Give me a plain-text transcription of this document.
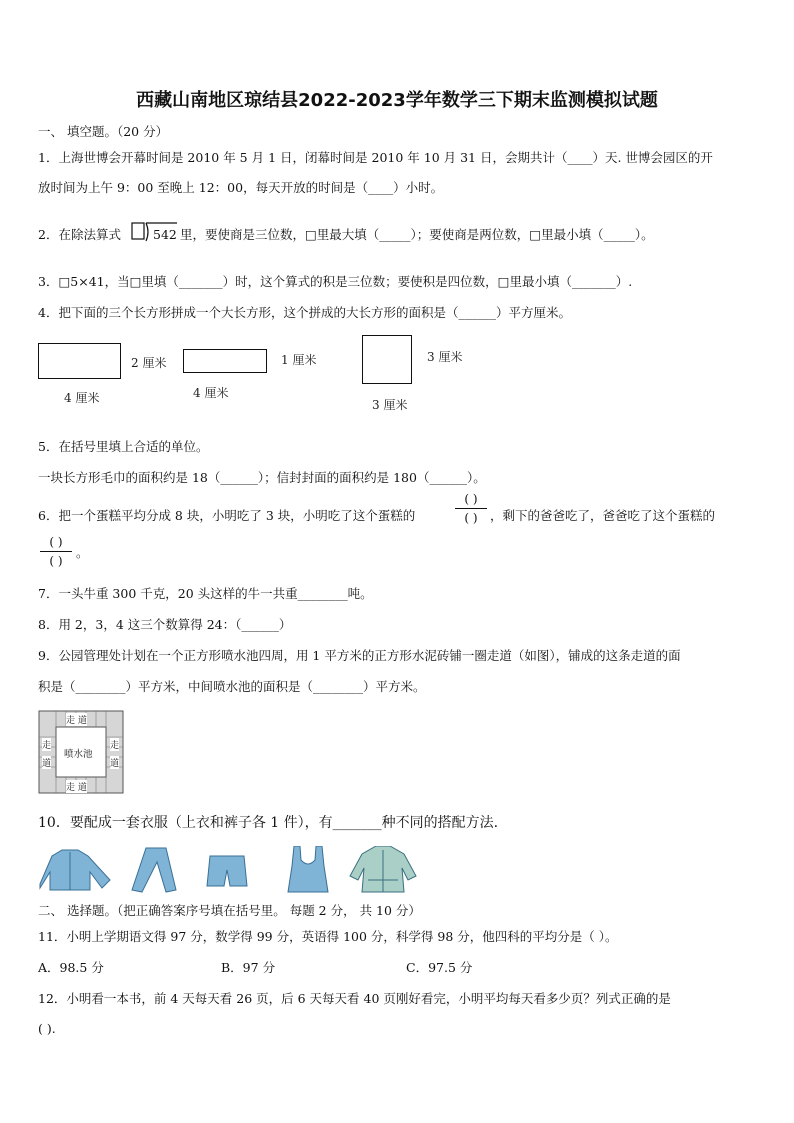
西藏山南地区琼结县2022-2023学年数学三下期末监测模拟试题
一、 填空题。（20 分）
1．上海世博会开幕时间是 2010 年 5 月 1 日，闭幕时间是 2010 年 10 月 31 日，会期共计（____）天. 世博会园区的开
放时间为上午 9：00 至晚上 12：00，每天开放的时间是（____）小时。
2．在除法算式	542 里，要使商是三位数，□里最大填（_____）；要使商是两位数，□里最小填（_____）。
3．□5×41，当□里填（_______）时，这个算式的积是三位数；要使积是四位数，□里最小填（_______）.
4．把下面的三个长方形拼成一个大长方形，这个拼成的大长方形的面积是（______）平方厘米。
2 厘米
4 厘米
1 厘米
4 厘米
3 厘米
3 厘米
5．在括号里填上合适的单位。
一块长方形毛巾的面积约是 18（______）；信封封面的面积约是 180（______）。
6．把一个蛋糕平均分成 8 块，小明吃了 3 块，小明吃了这个蛋糕的
( )
( ) ，剩下的爸爸吃了，爸爸吃了这个蛋糕的
( )
( )
。
7．一头牛重 300 千克，20 头这样的牛一共重________吨。
8．用 2，3，4 这三个数算得 24：（______）
9．公园管理处计划在一个正方形喷水池四周，用 1 平方米的正方形水泥砖铺一圈走道（如图），铺成的这条走道的面
积是（________）平方米，中间喷水池的面积是（________）平方米。
走 道
走
道
走
道
喷水池
走 道
10．要配成一套衣服（上衣和裤子各 1 件），有_______种不同的搭配方法.
二、 选择题。（把正确答案序号填在括号里。 每题 2 分， 共 10 分）
11．小明上学期语文得 97 分，数学得 99 分，英语得 100 分，科学得 98 分，他四科的平均分是（ ）。
A．98.5 分	B．97 分	C．97.5 分
12．小明看一本书，前 4 天每天看 26 页，后 6 天每天看 40 页刚好看完，小明平均每天看多少页？列式正确的是
( ).
